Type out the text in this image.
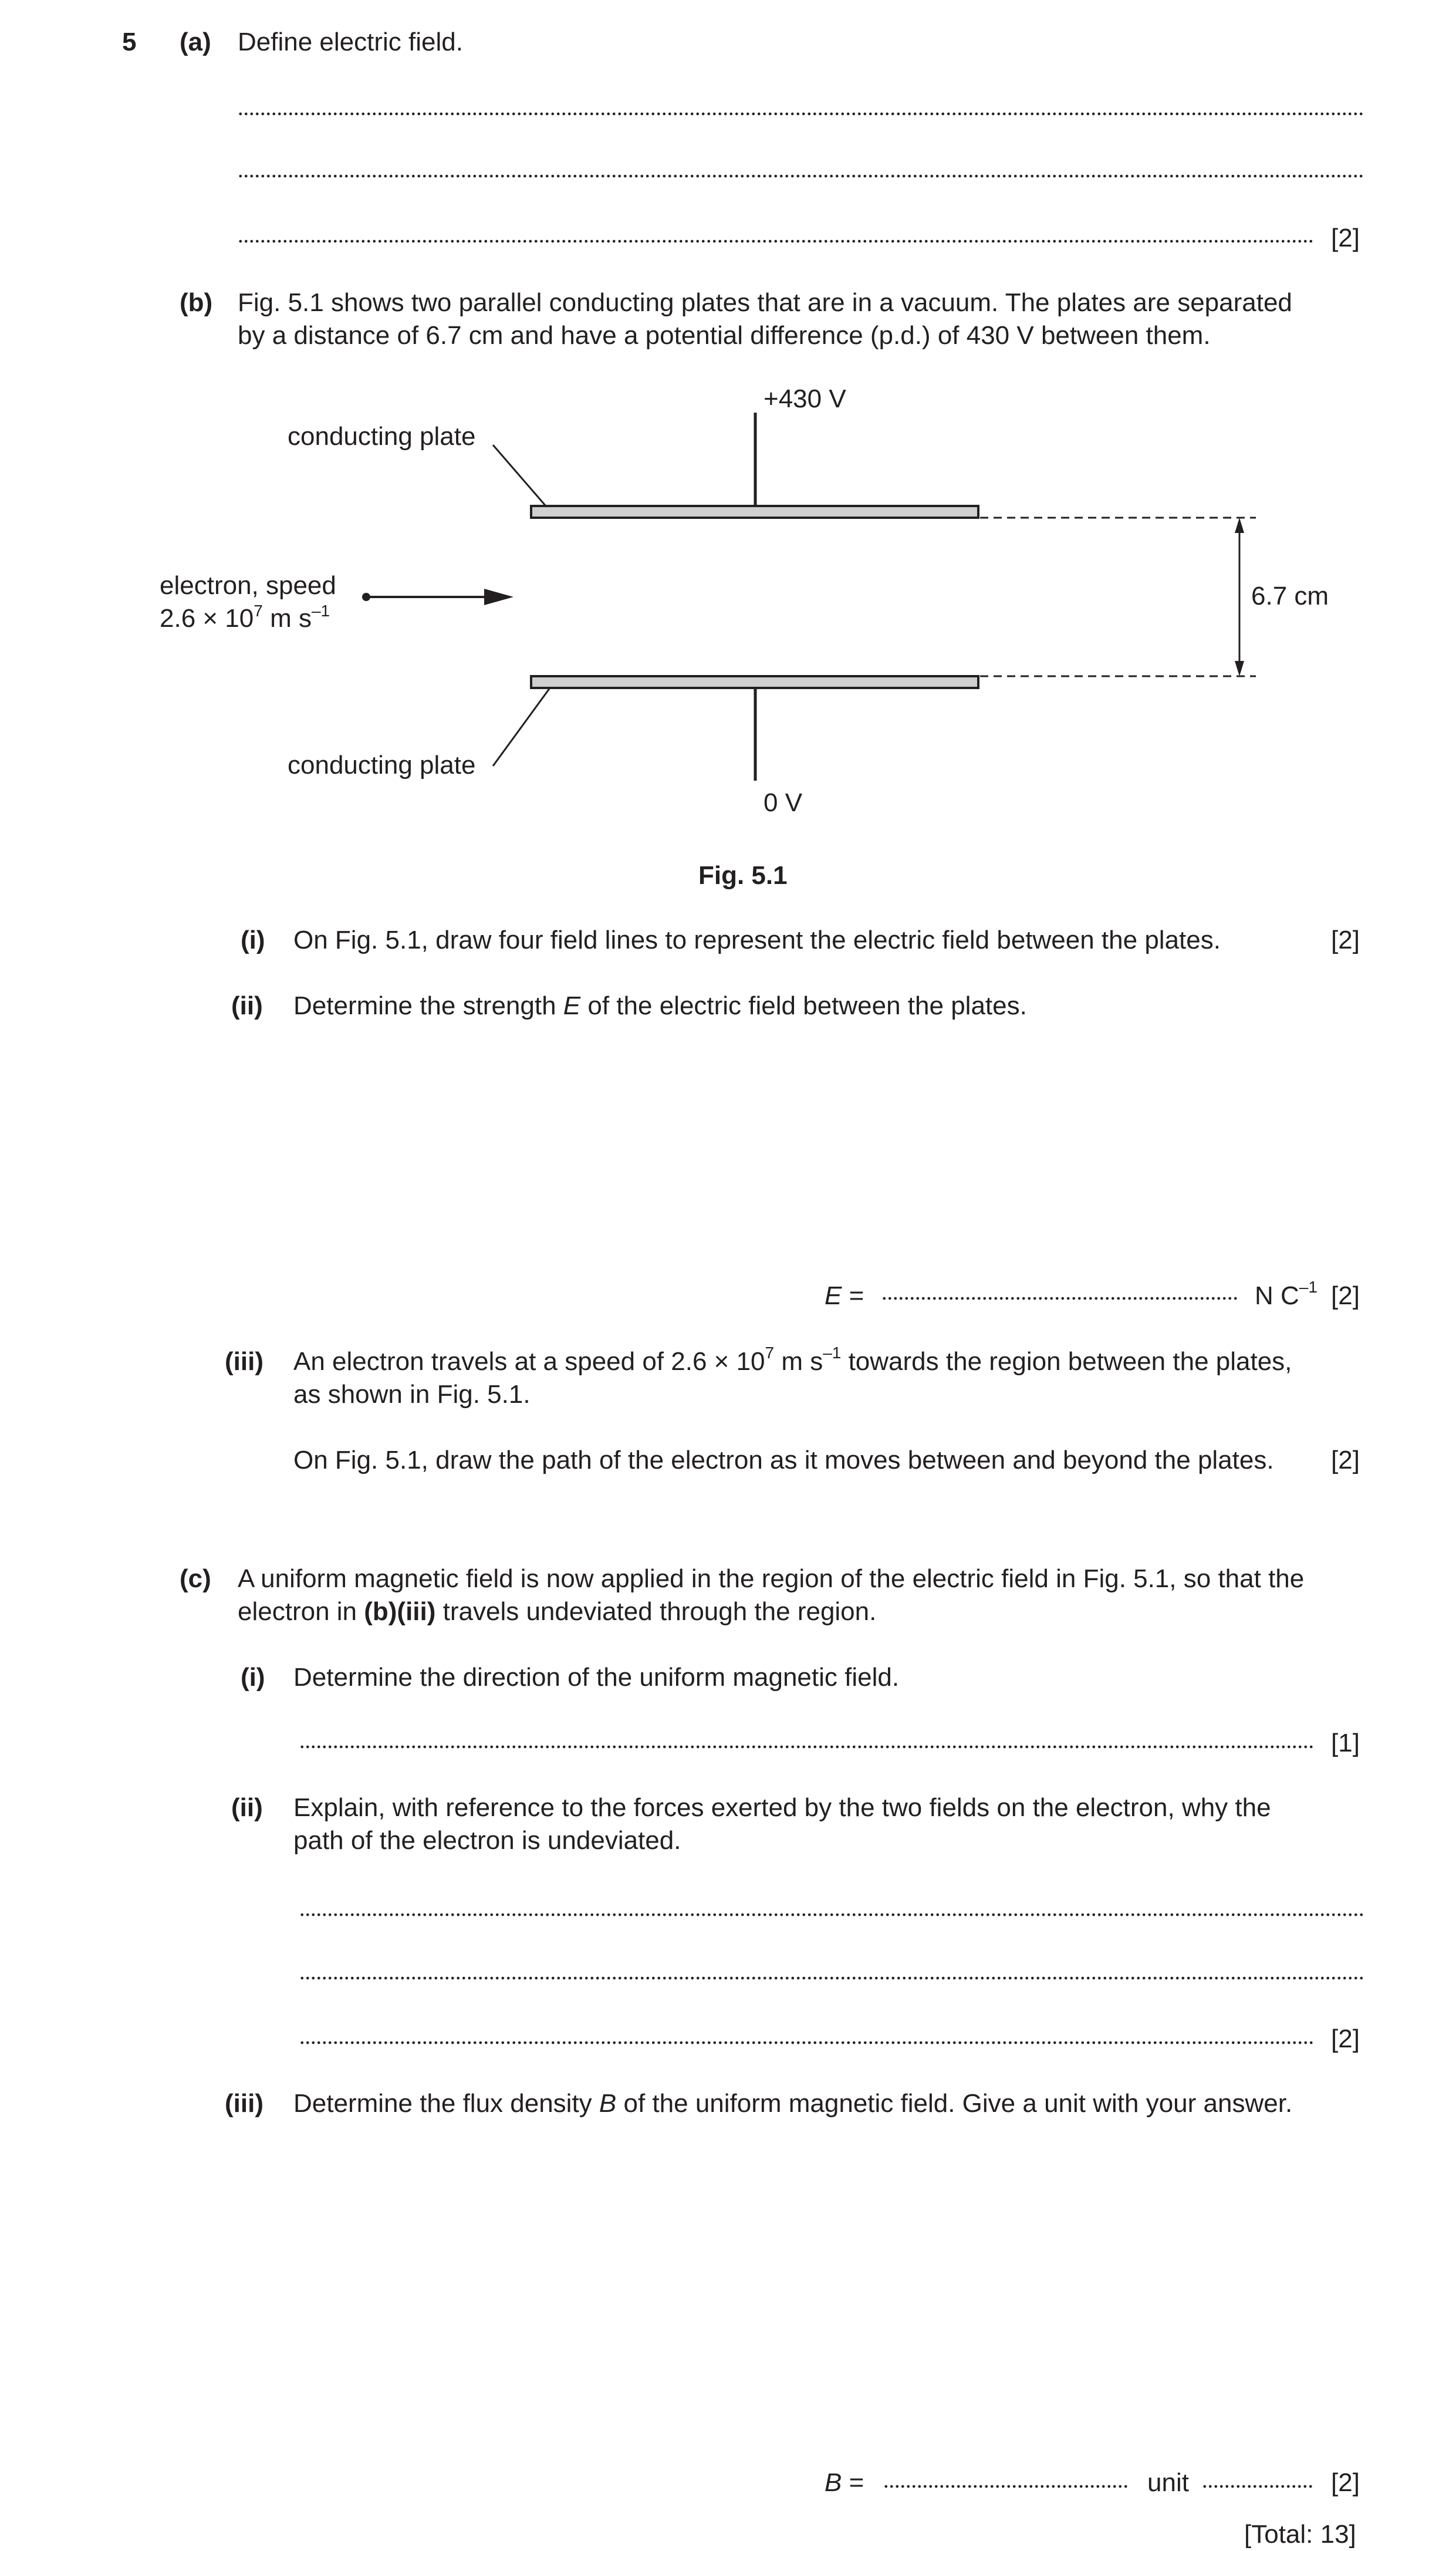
5 (a) Define electric field.
[2]
(b) Fig. 5.1 shows two parallel conducting plates that are in a vacuum. The plates are separated
by a distance of 6.7 cm and have a potential difference (p.d.) of 430 V between them.
+430 V
conducting plate
electron, speed
$2.6 \times 10^7$ m $s^{-1}$
6.7 cm
conducting plate
0 V
Fig. 5.1
(i) On Fig. 5.1, draw four field lines to represent the electric field between the plates.	[2]
(ii) Determine the strength E of the electric field between the plates.
E =	N $C^{-1}$ [2]
(iii) An electron travels at a speed of $2.6 \times 10^7$ m $s^{-1}$ towards the region between the plates,
as shown in Fig. 5.1.
On Fig. 5.1, draw the path of the electron as it moves between and beyond the plates. [2]
(c) A uniform magnetic field is now applied in the region of the electric field in Fig. 5.1, so that the
electron in (b)(iii) travels undeviated through the region.
(i) Determine the direction of the uniform magnetic field.
[1]
(ii) Explain, with reference to the forces exerted by the two fields on the electron, why the
path of the electron is undeviated.
[2]
(iii) Determine the flux density B of the uniform magnetic field. Give a unit with your answer.
B =	unit	[2]
[Total: 13]
